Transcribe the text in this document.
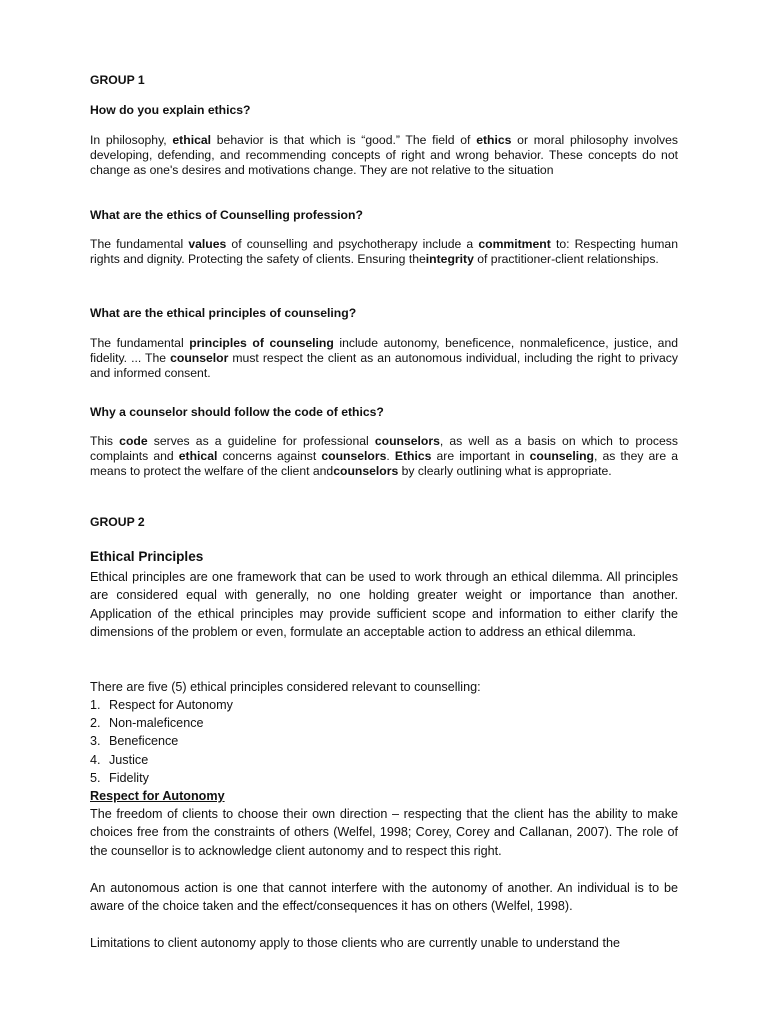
GROUP 1
How do you explain ethics?
In philosophy, ethical behavior is that which is “good.” The field of ethics or moral philosophy involves developing, defending, and recommending concepts of right and wrong behavior. These concepts do not change as one's desires and motivations change. They are not relative to the situation
What are the ethics of Counselling profession?
The fundamental values of counselling and psychotherapy include a commitment to: Respecting human rights and dignity. Protecting the safety of clients. Ensuring theintegrity of practitioner-client relationships.
What are the ethical principles of counseling?
The fundamental principles of counseling include autonomy, beneficence, nonmaleficence, justice, and fidelity. ... The counselor must respect the client as an autonomous individual, including the right to privacy and informed consent.
Why a counselor should follow the code of ethics?
This code serves as a guideline for professional counselors, as well as a basis on which to process complaints and ethical concerns against counselors. Ethics are important in counseling, as they are a means to protect the welfare of the client andcounselors by clearly outlining what is appropriate.
GROUP 2
Ethical Principles
Ethical principles are one framework that can be used to work through an ethical dilemma. All principles are considered equal with generally, no one holding greater weight or importance than another. Application of the ethical principles may provide sufficient scope and information to either clarify the dimensions of the problem or even, formulate an acceptable action to address an ethical dilemma.
There are five (5) ethical principles considered relevant to counselling:
1. Respect for Autonomy
2. Non-maleficence
3. Beneficence
4. Justice
5. Fidelity
Respect for Autonomy
The freedom of clients to choose their own direction – respecting that the client has the ability to make choices free from the constraints of others (Welfel, 1998; Corey, Corey and Callanan, 2007). The role of the counsellor is to acknowledge client autonomy and to respect this right.
An autonomous action is one that cannot interfere with the autonomy of another. An individual is to be aware of the choice taken and the effect/consequences it has on others (Welfel, 1998).
Limitations to client autonomy apply to those clients who are currently unable to understand the
